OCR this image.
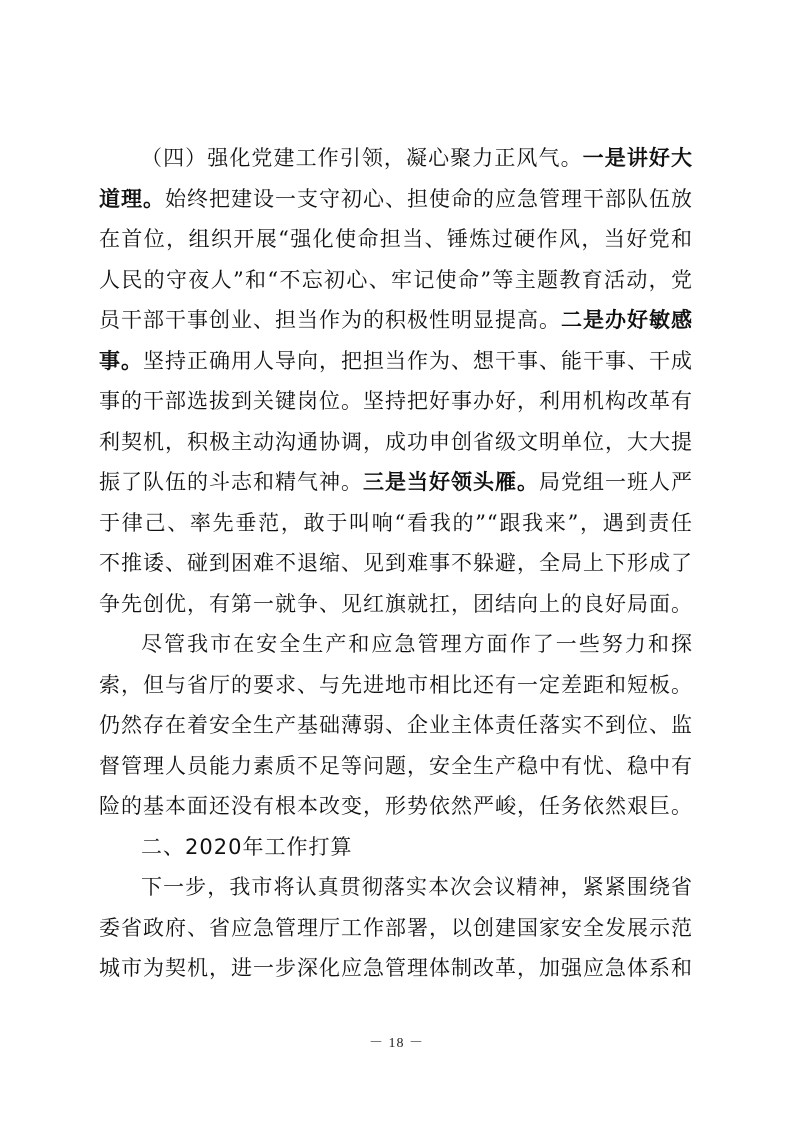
（四）强化党建工作引领，凝心聚力正风气。一是讲好大道理。始终把建设一支守初心、担使命的应急管理干部队伍放在首位，组织开展“强化使命担当、锤炼过硬作风，当好党和人民的守夜人”和“不忘初心、牢记使命”等主题教育活动，党员干部干事创业、担当作为的积极性明显提高。二是办好敏感事。坚持正确用人导向，把担当作为、想干事、能干事、干成事的干部选拔到关键岗位。坚持把好事办好，利用机构改革有利契机，积极主动沟通协调，成功申创省级文明单位，大大提振了队伍的斗志和精气神。三是当好领头雁。局党组一班人严于律己、率先垂范，敢于叫响“看我的”“跟我来”，遇到责任不推诿、碰到困难不退缩、见到难事不躲避，全局上下形成了争先创优，有第一就争、见红旗就扛，团结向上的良好局面。

尽管我市在安全生产和应急管理方面作了一些努力和探索，但与省厅的要求、与先进地市相比还有一定差距和短板。仍然存在着安全生产基础薄弱、企业主体责任落实不到位、监督管理人员能力素质不足等问题，安全生产稳中有忧、稳中有险的基本面还没有根本改变，形势依然严峻，任务依然艰巨。

二、2020年工作打算

下一步，我市将认真贯彻落实本次会议精神，紧紧围绕省委省政府、省应急管理厅工作部署，以创建国家安全发展示范城市为契机，进一步深化应急管理体制改革，加强应急体系和

－ 18 －
